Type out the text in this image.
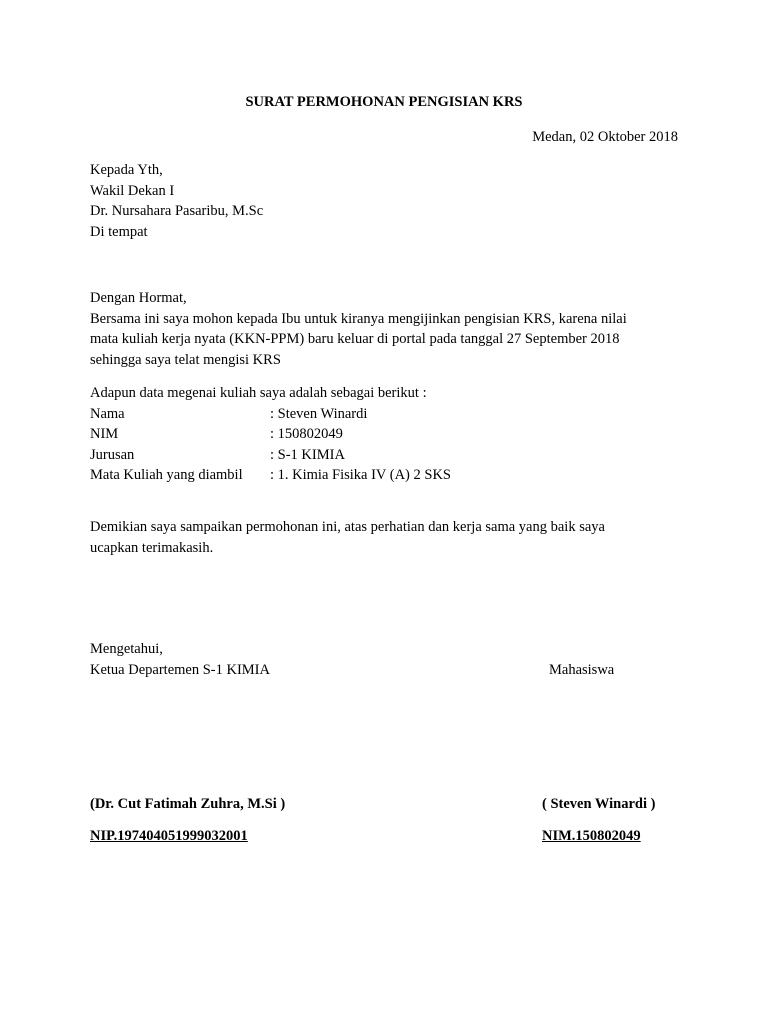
SURAT PERMOHONAN PENGISIAN KRS
Medan, 02 Oktober 2018
Kepada Yth,
Wakil Dekan I
Dr. Nursahara Pasaribu, M.Sc
Di tempat
Dengan Hormat,
Bersama ini saya mohon kepada Ibu untuk kiranya mengijinkan pengisian KRS, karena nilai
mata kuliah kerja nyata (KKN-PPM) baru keluar di portal pada tanggal 27 September 2018
sehingga saya telat mengisi KRS
Adapun data megenai kuliah saya adalah sebagai berikut :
Nama	: Steven Winardi
NIM	: 150802049
Jurusan	: S-1 KIMIA
Mata Kuliah yang diambil : 1. Kimia Fisika IV (A) 2 SKS
Demikian saya sampaikan permohonan ini, atas perhatian dan kerja sama yang baik saya
ucapkan terimakasih.
Mengetahui,
Ketua Departemen S-1 KIMIA	Mahasiswa
(Dr. Cut Fatimah Zuhra, M.Si )	( Steven Winardi )
NIP.197404051999032001	NIM.150802049
